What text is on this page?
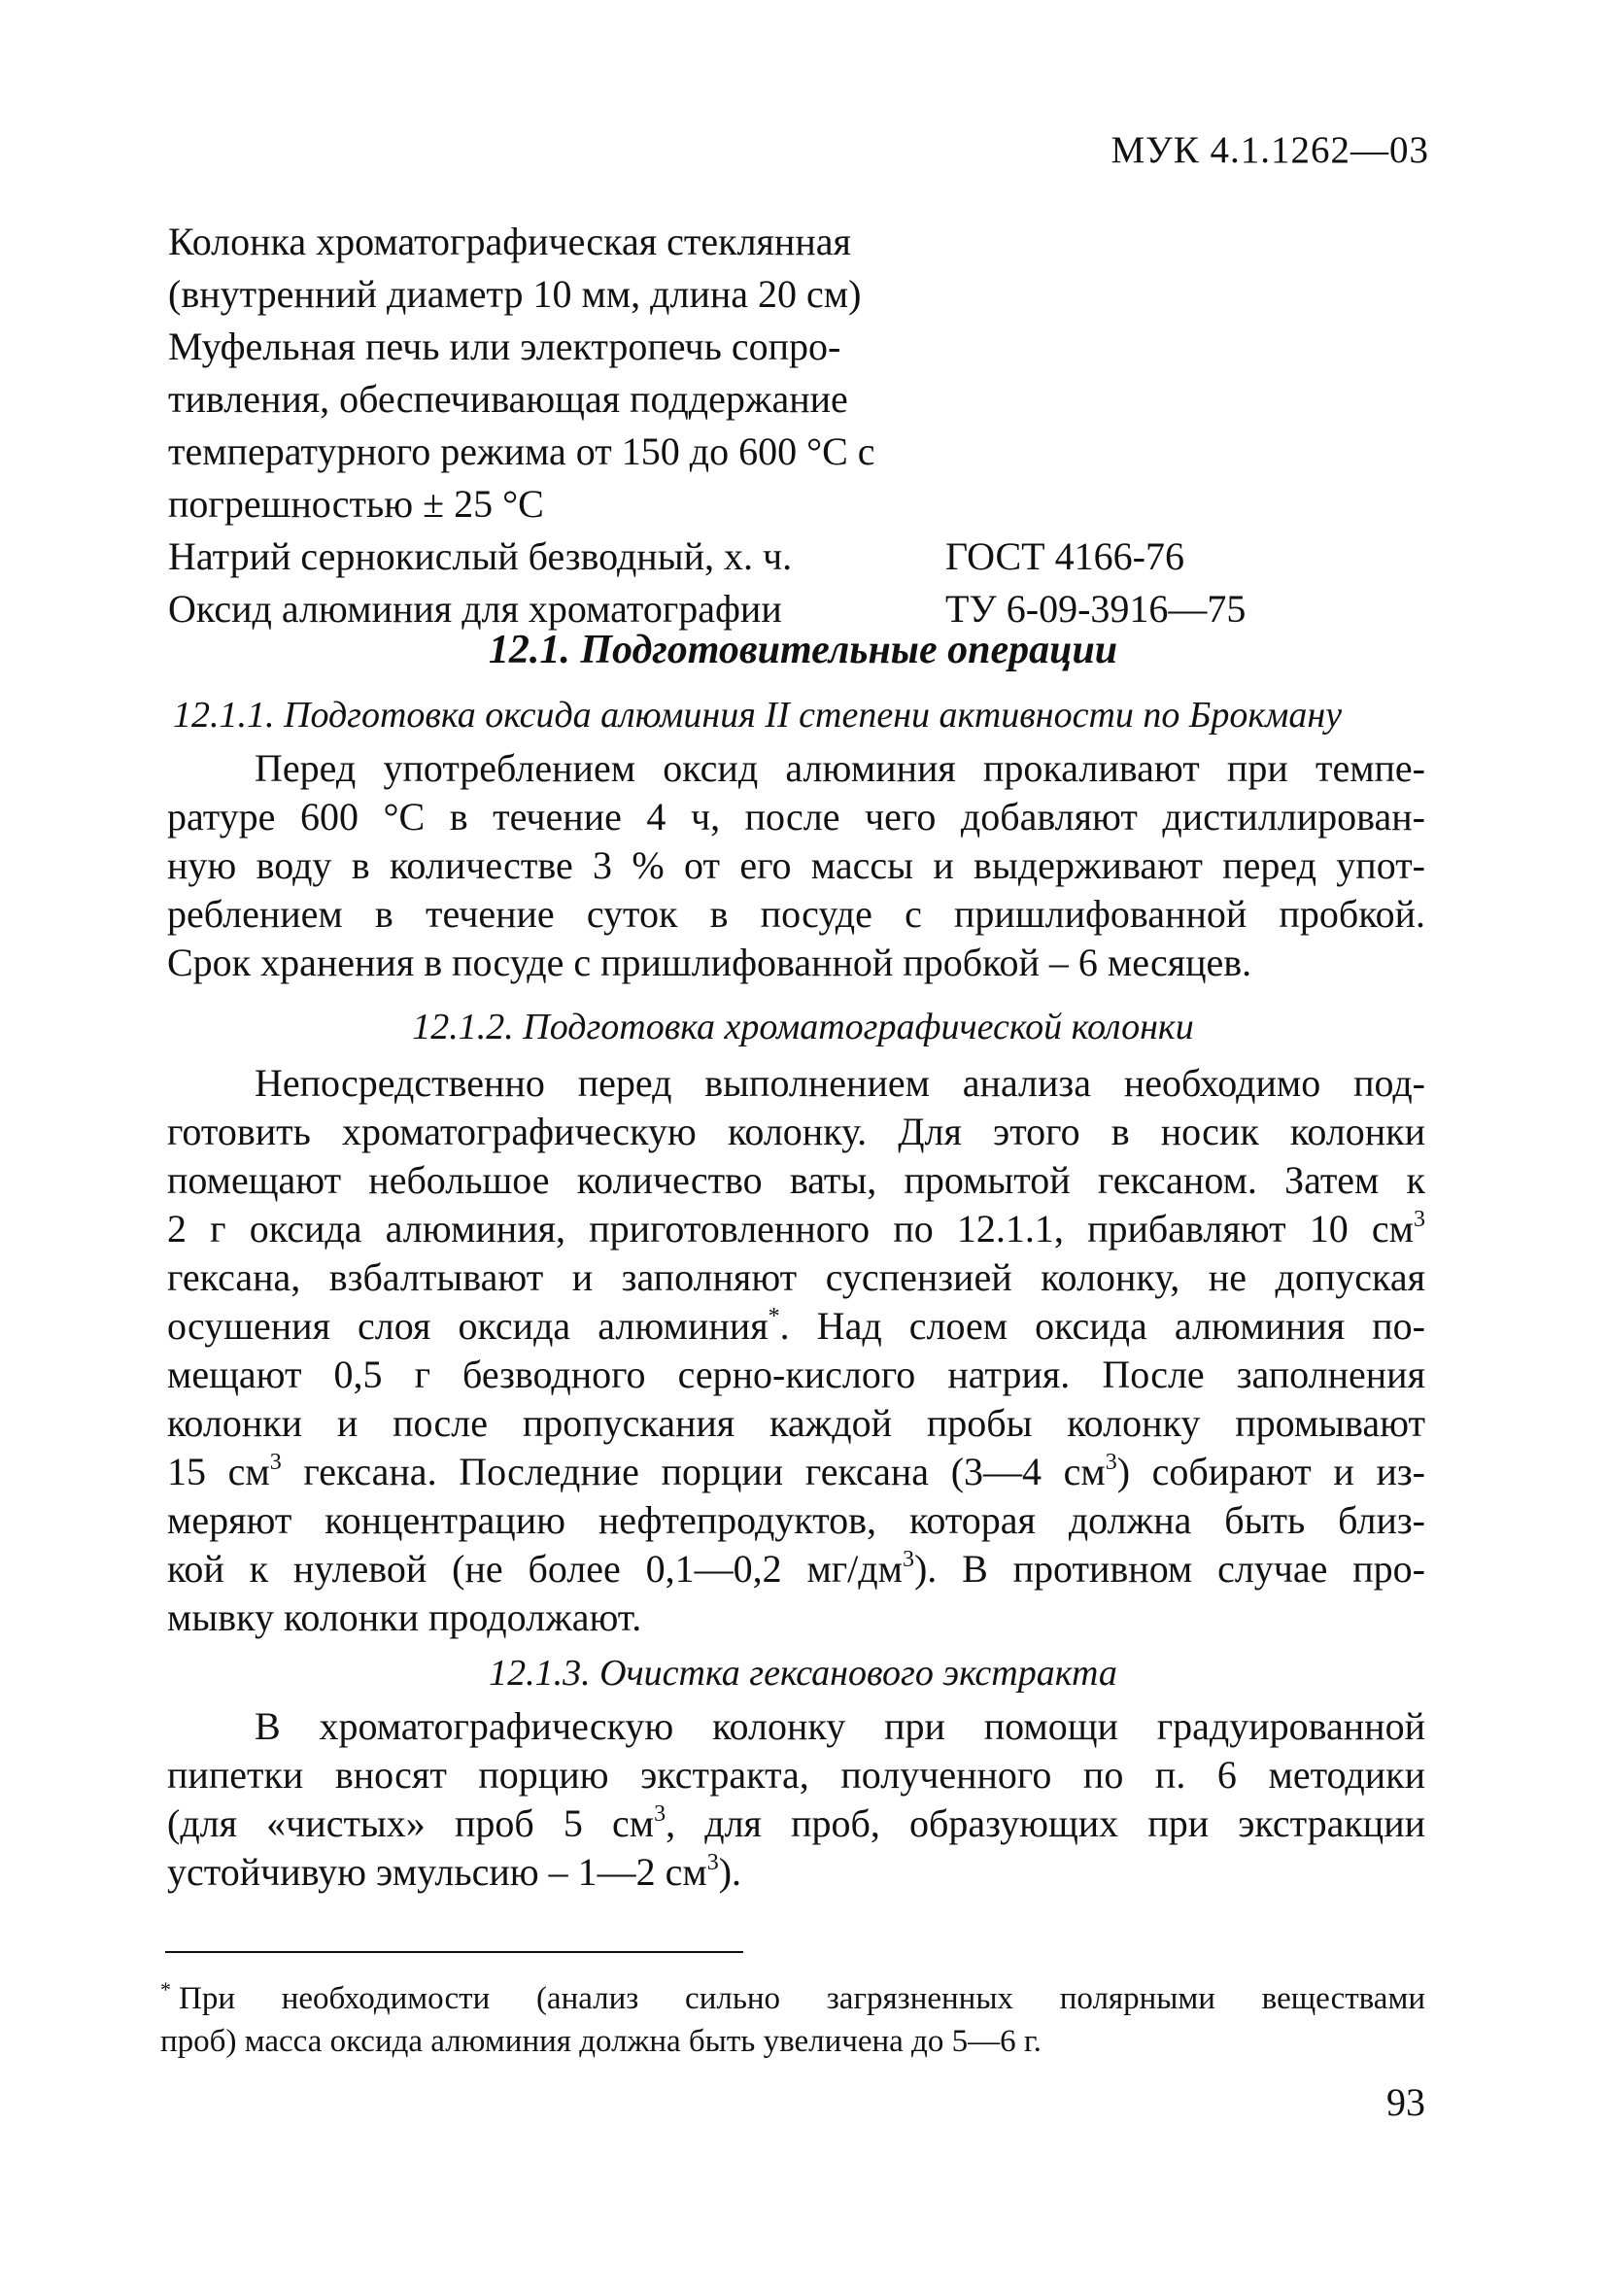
МУК 4.1.1262—03
Колонка хроматографическая стеклянная
(внутренний диаметр 10 мм, длина 20 см)
Муфельная печь или электропечь сопро-
тивления, обеспечивающая поддержание
температурного режима от 150 до 600 °С с
погрешностью ± 25 °С
Натрий сернокислый безводный, х. ч.	ГОСТ 4166-76
Оксид алюминия для хроматографии	ТУ 6-09-3916—75
12.1. Подготовительные операции
12.1.1. Подготовка оксида алюминия II степени активности по Брокману
Перед употреблением оксид алюминия прокаливают при темпе-
ратуре 600 °С в течение 4 ч, после чего добавляют дистиллирован-
ную воду в количестве 3 % от его массы и выдерживают перед упот-
реблением в течение суток в посуде с пришлифованной пробкой.
Срок хранения в посуде с пришлифованной пробкой – 6 месяцев.
12.1.2. Подготовка хроматографической колонки
Непосредственно перед выполнением анализа необходимо под-
готовить хроматографическую колонку. Для этого в носик колонки
помещают небольшое количество ваты, промытой гексаном. Затем к
2 г оксида алюминия, приготовленного по 12.1.1, прибавляют 10 $см^3$
гексана, взбалтывают и заполняют суспензией колонку, не допуская
осушения слоя оксида алюминия*. Над слоем оксида алюминия по-
мещают 0,5 г безводного серно-кислого натрия. После заполнения
колонки и после пропускания каждой пробы колонку промывают
15 $см^3$ гексана. Последние порции гексана (3—4 $см^3$) собирают и из-
меряют концентрацию нефтепродуктов, которая должна быть близ-
кой к нулевой (не более 0,1—0,2 $мг/дм^3$). В противном случае про-
мывку колонки продолжают.
12.1.3. Очистка гексанового экстракта
В хроматографическую колонку при помощи градуированной
пипетки вносят порцию экстракта, полученного по п. 6 методики
(для «чистых» проб 5 $см^3$, для проб, образующих при экстракции
устойчивую эмульсию – 1—2 $см^3$).
* При необходимости (анализ сильно загрязненных полярными веществами
проб) масса оксида алюминия должна быть увеличена до 5—6 г.
93
